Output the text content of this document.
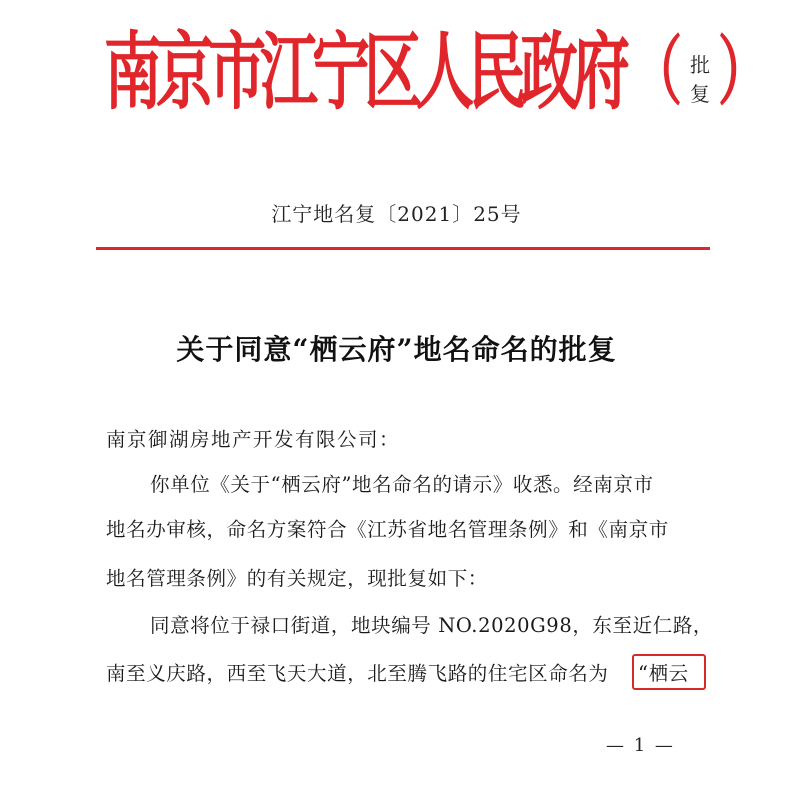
南京市江宁区人民政府 （ 批复 ）
江宁地名复〔2021〕25号
关于同意“栖云府”地名命名的批复
南京御湖房地产开发有限公司：
你单位《关于“栖云府”地名命名的请示》收悉。经南京市
地名办审核，命名方案符合《江苏省地名管理条例》和《南京市
地名管理条例》的有关规定，现批复如下：
同意将位于禄口街道，地块编号 NO.2020G98，东至近仁路，
南至义庆路，西至飞天大道，北至腾飞路的住宅区命名为 “栖云
— 1 —
